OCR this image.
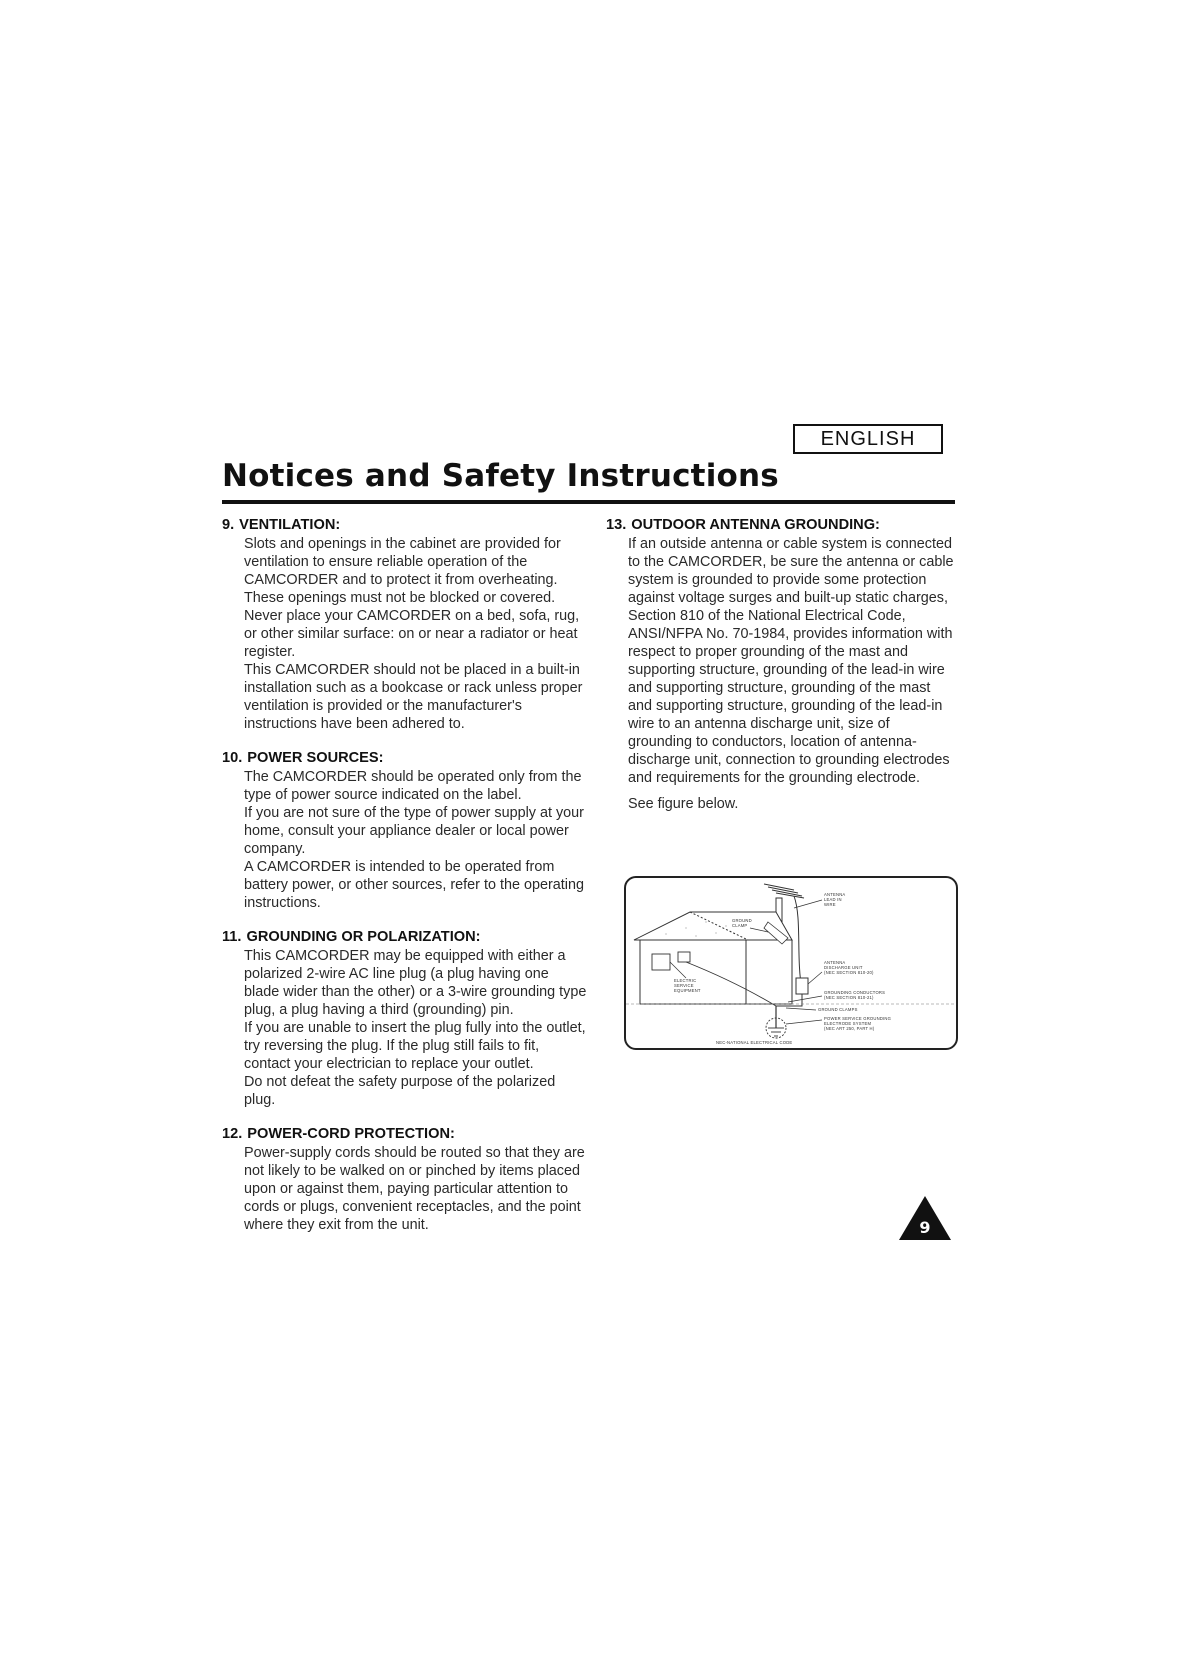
ENGLISH
Notices and Safety Instructions
9. VENTILATION:

Slots and openings in the cabinet are provided for ventilation to ensure reliable operation of the CAMCORDER and to protect it from overheating. These openings must not be blocked or covered. Never place your CAMCORDER on a bed, sofa, rug, or other similar surface: on or near a radiator or heat register.

This CAMCORDER should not be placed in a built-in installation such as a bookcase or rack unless proper ventilation is provided or the manufacturer's instructions have been adhered to.

10. POWER SOURCES:

The CAMCORDER should be operated only from the type of power source indicated on the label.

If you are not sure of the type of power supply at your home, consult your appliance dealer or local power company.

A CAMCORDER is intended to be operated from battery power, or other sources, refer to the operating instructions.

11. GROUNDING OR POLARIZATION:

This CAMCORDER may be equipped with either a polarized 2-wire AC line plug (a plug having one blade wider than the other) or a 3-wire grounding type plug, a plug having a third (grounding) pin.

If you are unable to insert the plug fully into the outlet, try reversing the plug. If the plug still fails to fit, contact your electrician to replace your outlet.

Do not defeat the safety purpose of the polarized plug.

12. POWER-CORD PROTECTION:

Power-supply cords should be routed so that they are not likely to be walked on or pinched by items placed upon or against them, paying particular attention to cords or plugs, convenient receptacles, and the point where they exit from the unit.

13. OUTDOOR ANTENNA GROUNDING:

If an outside antenna or cable system is connected to the CAMCORDER, be sure the antenna or cable system is grounded to provide some protection against voltage surges and built-up static charges, Section 810 of the National Electrical Code, ANSI/NFPA No. 70-1984, provides information with respect to proper grounding of the mast and supporting structure, grounding of the lead-in wire and supporting structure, grounding of the mast and supporting structure, grounding of the lead-in wire to an antenna discharge unit, size of grounding to conductors, location of antenna-discharge unit, connection to grounding electrodes and requirements for the grounding electrode.

See figure below.

ANTENNA
LEAD IN
WIRE
GROUND
CLAMP
ANTENNA
DISCHARGE UNIT
(NEC SECTION 810-20)
ELECTRIC
SERVICE
EQUIPMENT	GROUNDING CONDUCTORS
(NEC SECTION 810-21)
GROUND CLAMPS
POWER SERVICE GROUNDING
ELECTRODE SYSTEM
(NEC ART 250, PART H)
NEC-NATIONAL ELECTRICAL CODE
9
